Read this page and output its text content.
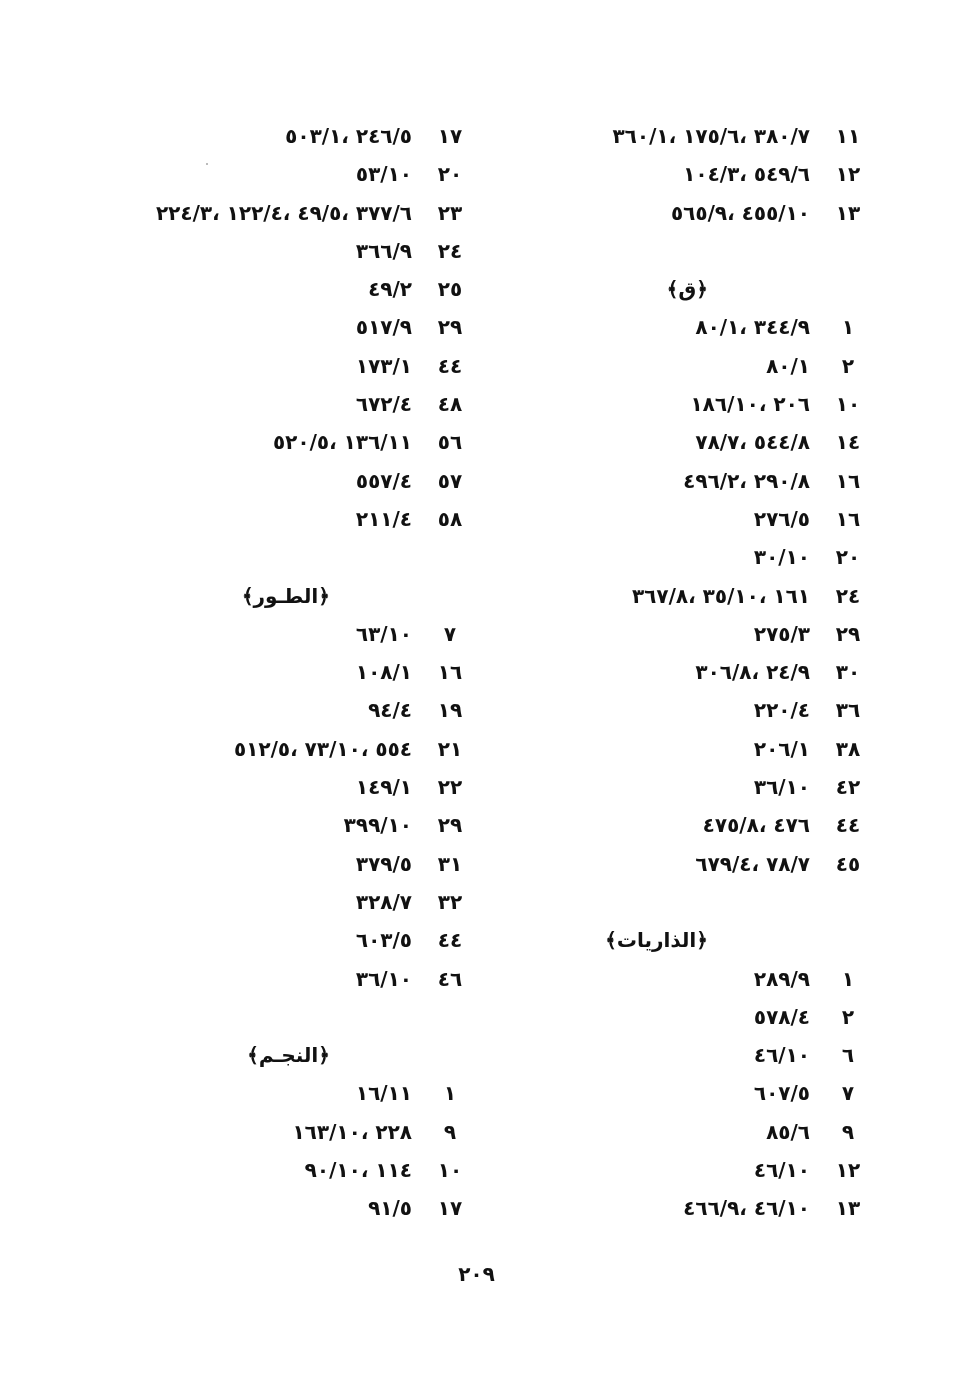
١١
٣٨٠/٧ ،١٧٥/٦ ،٣٦٠/١
١٢
٥٤٩/٦ ،١٠٤/٣
١٣
٤٥٥/١٠ ،٥٦٥/٩
﴿ق﴾
١
٣٤٤/٩ ،٨٠/١
٢
٨٠/١
١٠
٢٠٦ ،١٨٦/١٠
١٤
٥٤٤/٨ ،٧٨/٧
١٦
٢٩٠/٨ ،٤٩٦/٢
١٦
٢٧٦/٥
٢٠
٣٠/١٠
٢٤
١٦١ ،٣٥/١٠ ،٣٦٧/٨
٢٩
٢٧٥/٣
٣٠
٢٤/٩ ،٣٠٦/٨
٣٦
٢٢٠/٤
٣٨
٢٠٦/١
٤٢
٣٦/١٠
٤٤
٤٧٦ ،٤٧٥/٨
٤٥
٧٨/٧ ،٦٧٩/٤
﴿الذاريات﴾
١
٢٨٩/٩
٢
٥٧٨/٤
٦
٤٦/١٠
٧
٦٠٧/٥
٩
٨٥/٦
١٢
٤٦/١٠
١٣
٤٦/١٠ ،٤٦٦/٩
١٧
٢٤٦/٥ ،٥٠٣/١
٢٠
٥٣/١٠
٢٣
٣٧٧/٦ ،٤٩/٥ ،١٢٢/٤ ،٢٢٤/٣
٢٤
٣٦٦/٩
٢٥
٤٩/٢
٢٩
٥١٧/٩
٤٤
١٧٣/١
٤٨
٦٧٢/٤
٥٦
١٣٦/١١ ،٥٢٠/٥
٥٧
٥٥٧/٤
٥٨
٢١١/٤
﴿الطـور﴾
٧
٦٣/١٠
١٦
١٠٨/١
١٩
٩٤/٤
٢١
٥٥٤ ،٧٣/١٠ ،٥١٢/٥
٢٢
١٤٩/١
٢٩
٣٩٩/١٠
٣١
٣٧٩/٥
٣٢
٣٢٨/٧
٤٤
٦٠٣/٥
٤٦
٣٦/١٠
﴿النجـم﴾
١
١٦/١١
٩
٢٢٨ ،١٦٣/١٠
١٠
١١٤ ،٩٠/١٠
١٧
٩١/٥
٢٠٩
